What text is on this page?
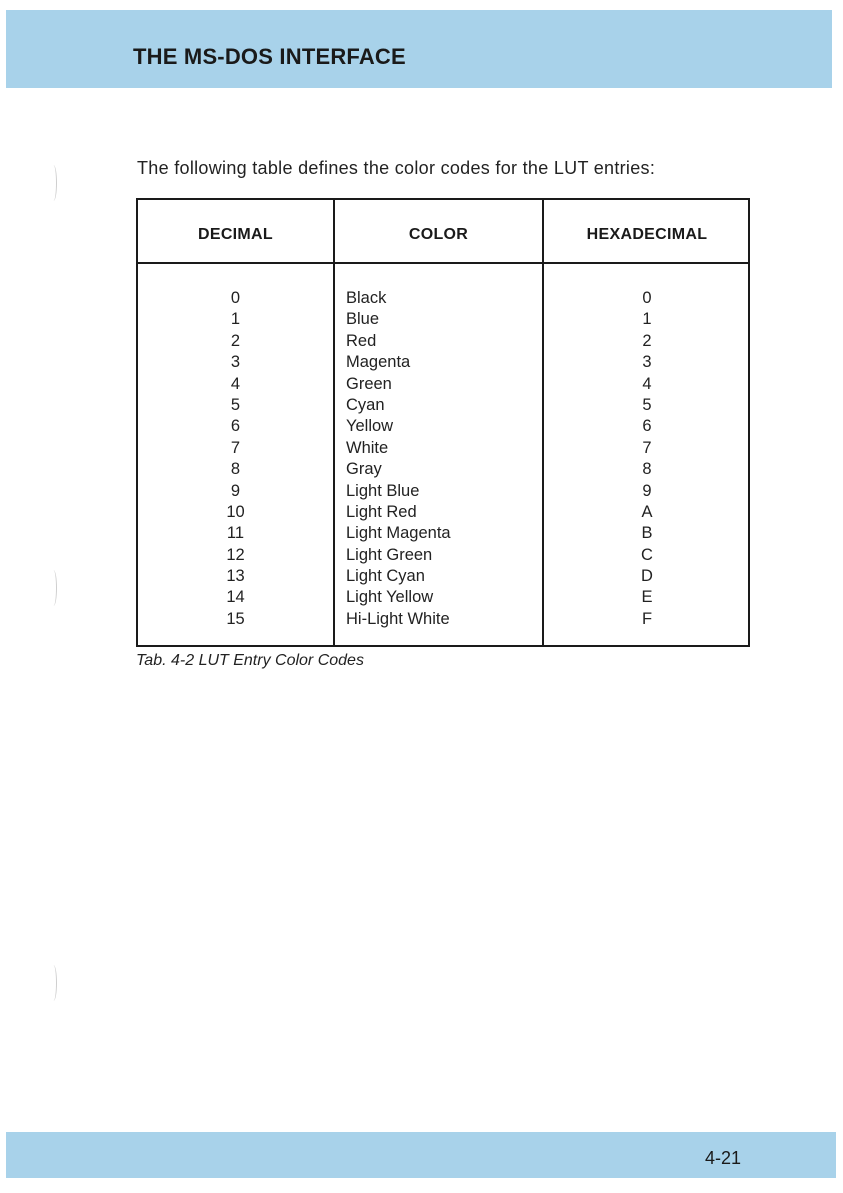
THE MS-DOS INTERFACE
The following table defines the color codes for the LUT entries:
DECIMAL	COLOR	HEXADECIMAL
0
1
2
3
4
5
6
7
8
9
10
11
12
13
14
15
Black
Blue
Red
Magenta
Green
Cyan
Yellow
White
Gray
Light Blue
Light Red
Light Magenta
Light Green
Light Cyan
Light Yellow
Hi-Light White
0
1
2
3
4
5
6
7
8
9
A
B
C
D
E
F
Tab. 4-2 LUT Entry Color Codes
4-21
